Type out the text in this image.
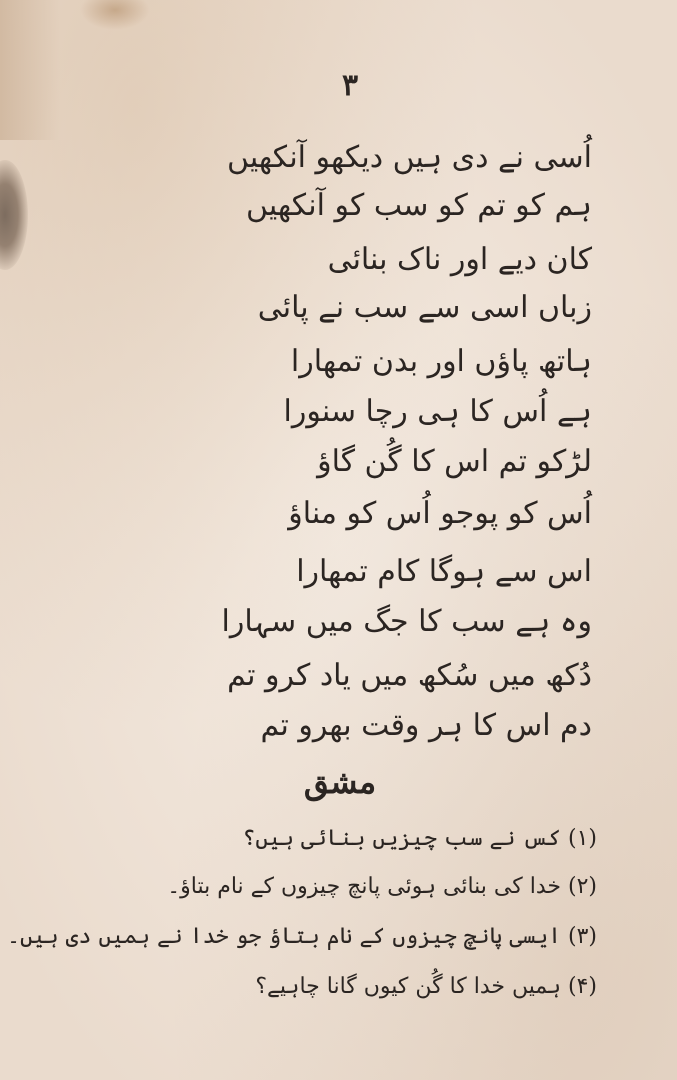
۳
اُسی نے دی ہیں دیکھو آنکھیں
ہم کو تم کو سب کو آنکھیں
کان دیے اور ناک بنائی
زباں اسی سے سب نے پائی
ہاتھ پاؤں اور بدن تمھارا
ہے اُس کا ہی رچا سنورا
لڑکو تم اس کا گُن گاؤ
اُس کو پوجو اُس کو مناؤ
اس سے ہوگا کام تمھارا
وہ ہے سب کا جگ میں سہارا
دُکھ میں سُکھ میں یاد کرو تم
دم اس کا ہر وقت بھرو تم
مشق
(۱) کس نے سب چیزیں بنائی ہیں؟
(۲) خدا کی بنائی ہوئی پانچ چیزوں کے نام بتاؤ۔
(۳) ایسی پانچ چیزوں کے نام بتاؤ جو خدا نے ہمیں دی ہیں۔
(۴) ہمیں خدا کا گُن کیوں گانا چاہیے؟
